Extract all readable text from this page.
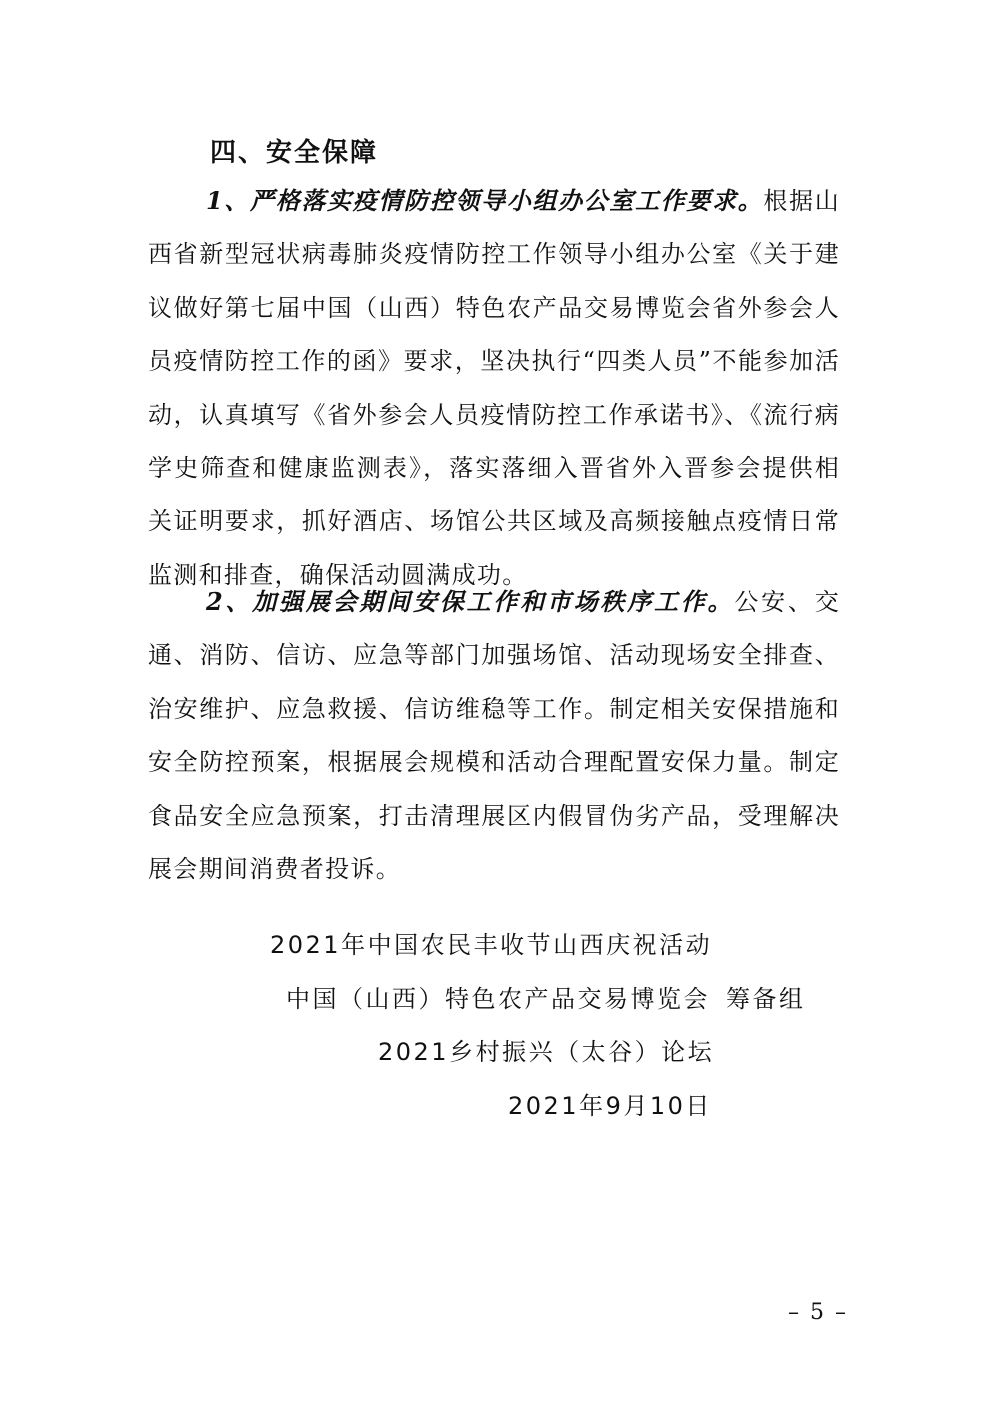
四、安全保障

1、严格落实疫情防控领导小组办公室工作要求。根据山西省新型冠状病毒肺炎疫情防控工作领导小组办公室《关于建议做好第七届中国（山西）特色农产品交易博览会省外参会人员疫情防控工作的函》要求，坚决执行“四类人员”不能参加活动，认真填写《省外参会人员疫情防控工作承诺书》、《流行病学史筛查和健康监测表》，落实落细入晋省外入晋参会提供相关证明要求，抓好酒店、场馆公共区域及高频接触点疫情日常监测和排查，确保活动圆满成功。

2、加强展会期间安保工作和市场秩序工作。公安、交通、消防、信访、应急等部门加强场馆、活动现场安全排查、治安维护、应急救援、信访维稳等工作。制定相关安保措施和安全防控预案，根据展会规模和活动合理配置安保力量。制定食品安全应急预案，打击清理展区内假冒伪劣产品，受理解决展会期间消费者投诉。

2021年中国农民丰收节山西庆祝活动

中国（山西）特色农产品交易博览会 筹备组

2021乡村振兴（太谷）论坛

2021年9月10日

– 5 –
